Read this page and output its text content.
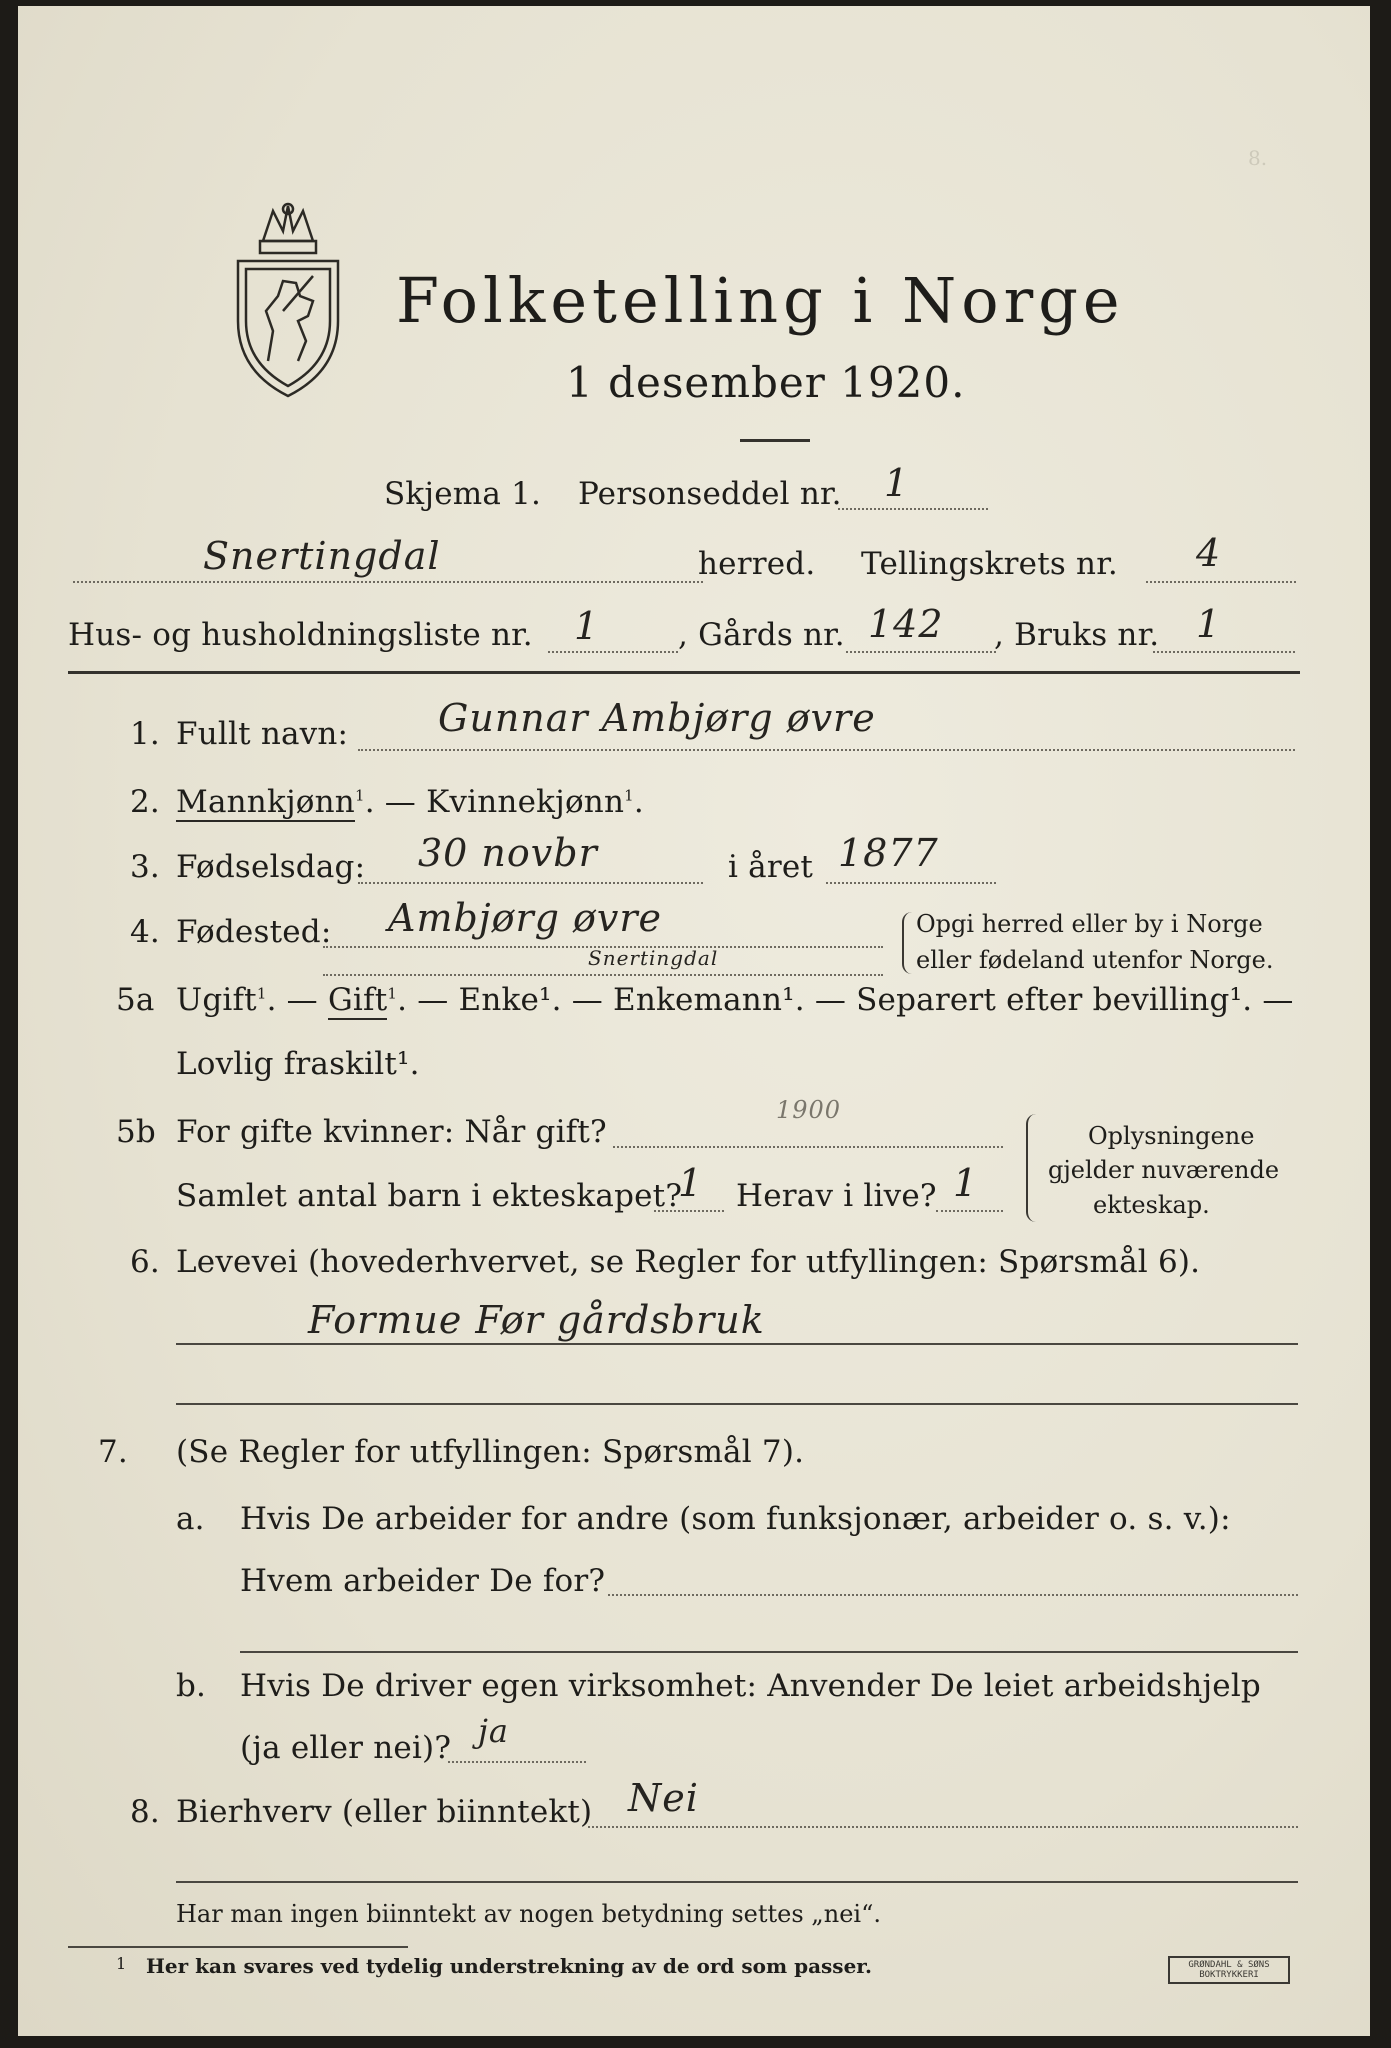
8.
Folketelling i Norge
1 desember 1920.
Skjema 1. Personseddel nr. 1
Snertingdal	herred. Tellingskrets nr. 4
Hus- og husholdningsliste nr. 1	, Gårds nr. 142 , Bruks nr. 1
1. Fullt navn: Gunnar Ambjørg øvre
2. Mannkjønn$^1$. — Kvinnekjønn$^1$.
3. Fødselsdag: 30 novbr	i året 1877
4. Fødested: Ambjørg øvre
Snertingdal
Opgi herred eller by i Norge
eller fødeland utenfor Norge.
5a Ugift$^1$. — Gift$^1$. — Enke¹. — Enkemann¹. — Separert efter bevilling¹. —
Lovlig fraskilt¹.
5b For gifte kvinner: Når gift?
1900
Samlet antal barn i ekteskapet?
1 Herav i live? 1
Oplysningene
gjelder nuværende
ekteskap.
6. Levevei (hovederhvervet, se Regler for utfyllingen: Spørsmål 6).
Formue Før gårdsbruk
7. (Se Regler for utfyllingen: Spørsmål 7).
a. Hvis De arbeider for andre (som funksjonær, arbeider o. s. v.):
Hvem arbeider De for?
b. Hvis De driver egen virksomhet: Anvender De leiet arbeidshjelp
(ja eller nei)? ja
8. Bierhverv (eller biinntekt) Nei
Har man ingen biinntekt av nogen betydning settes „nei“.
1 Her kan svares ved tydelig understrekning av de ord som passer.	GRØNDAHL & SØNS BOKTRYKKERI
